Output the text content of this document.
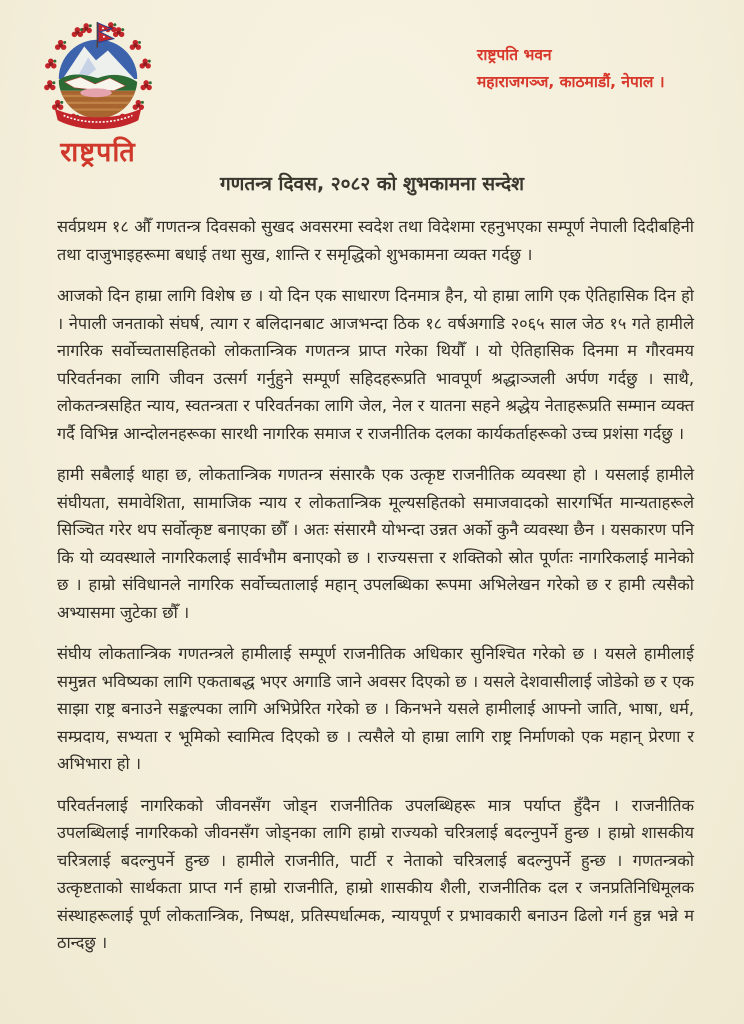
राष्ट्रपति
राष्ट्रपति भवन
महाराजगञ्ज, काठमाडौं, नेपाल ।
गणतन्त्र दिवस, २०८२ को शुभकामना सन्देश

सर्वप्रथम १८ औँ गणतन्त्र दिवसको सुखद अवसरमा स्वदेश तथा विदेशमा रहनुभएका सम्पूर्ण नेपाली दिदीबहिनी तथा दाजुभाइहरूमा बधाई तथा सुख, शान्ति र समृद्धिको शुभकामना व्यक्त गर्दछु ।

आजको दिन हाम्रा लागि विशेष छ । यो दिन एक साधारण दिनमात्र हैन, यो हाम्रा लागि एक ऐतिहासिक दिन हो । नेपाली जनताको संघर्ष, त्याग र बलिदानबाट आजभन्दा ठिक १८ वर्षअगाडि २०६५ साल जेठ १५ गते हामीले नागरिक सर्वोच्चतासहितको लोकतान्त्रिक गणतन्त्र प्राप्त गरेका थियौँ । यो ऐतिहासिक दिनमा म गौरवमय परिवर्तनका लागि जीवन उत्सर्ग गर्नुहुने सम्पूर्ण सहिदहरूप्रति भावपूर्ण श्रद्धाञ्जली अर्पण गर्दछु । साथै, लोकतन्त्रसहित न्याय, स्वतन्त्रता र परिवर्तनका लागि जेल, नेल र यातना सहने श्रद्धेय नेताहरूप्रति सम्मान व्यक्त गर्दै विभिन्न आन्दोलनहरूका सारथी नागरिक समाज र राजनीतिक दलका कार्यकर्ताहरूको उच्च प्रशंसा गर्दछु ।

हामी सबैलाई थाहा छ, लोकतान्त्रिक गणतन्त्र संसारकै एक उत्कृष्ट राजनीतिक व्यवस्था हो । यसलाई हामीले संघीयता, समावेशिता, सामाजिक न्याय र लोकतान्त्रिक मूल्यसहितको समाजवादको सारगर्भित मान्यताहरूले सिञ्चित गरेर थप सर्वोत्कृष्ट बनाएका छौँ । अतः संसारमै योभन्दा उन्नत अर्को कुनै व्यवस्था छैन । यसकारण पनि कि यो व्यवस्थाले नागरिकलाई सार्वभौम बनाएको छ । राज्यसत्ता र शक्तिको स्रोत पूर्णतः नागरिकलाई मानेको छ । हाम्रो संविधानले नागरिक सर्वोच्चतालाई महान् उपलब्धिका रूपमा अभिलेखन गरेको छ र हामी त्यसैको अभ्यासमा जुटेका छौँ ।

संघीय लोकतान्त्रिक गणतन्त्रले हामीलाई सम्पूर्ण राजनीतिक अधिकार सुनिश्चित गरेको छ । यसले हामीलाई समुन्नत भविष्यका लागि एकताबद्ध भएर अगाडि जाने अवसर दिएको छ । यसले देशवासीलाई जोडेको छ र एक साझा राष्ट्र बनाउने सङ्कल्पका लागि अभिप्रेरित गरेको छ । किनभने यसले हामीलाई आफ्नो जाति, भाषा, धर्म, सम्प्रदाय, सभ्यता र भूमिको स्वामित्व दिएको छ । त्यसैले यो हाम्रा लागि राष्ट्र निर्माणको एक महान् प्रेरणा र अभिभारा हो ।

परिवर्तनलाई नागरिकको जीवनसँग जोड्न राजनीतिक उपलब्धिहरू मात्र पर्याप्त हुँदैन । राजनीतिक उपलब्धिलाई नागरिकको जीवनसँग जोड्नका लागि हाम्रो राज्यको चरित्रलाई बदल्नुपर्ने हुन्छ । हाम्रो शासकीय चरित्रलाई बदल्नुपर्ने हुन्छ । हामीले राजनीति, पार्टी र नेताको चरित्रलाई बदल्नुपर्ने हुन्छ । गणतन्त्रको उत्कृष्टताको सार्थकता प्राप्त गर्न हाम्रो राजनीति, हाम्रो शासकीय शैली, राजनीतिक दल र जनप्रतिनिधिमूलक संस्थाहरूलाई पूर्ण लोकतान्त्रिक, निष्पक्ष, प्रतिस्पर्धात्मक, न्यायपूर्ण र प्रभावकारी बनाउन ढिलो गर्न हुन्न भन्ने म ठान्दछु ।
